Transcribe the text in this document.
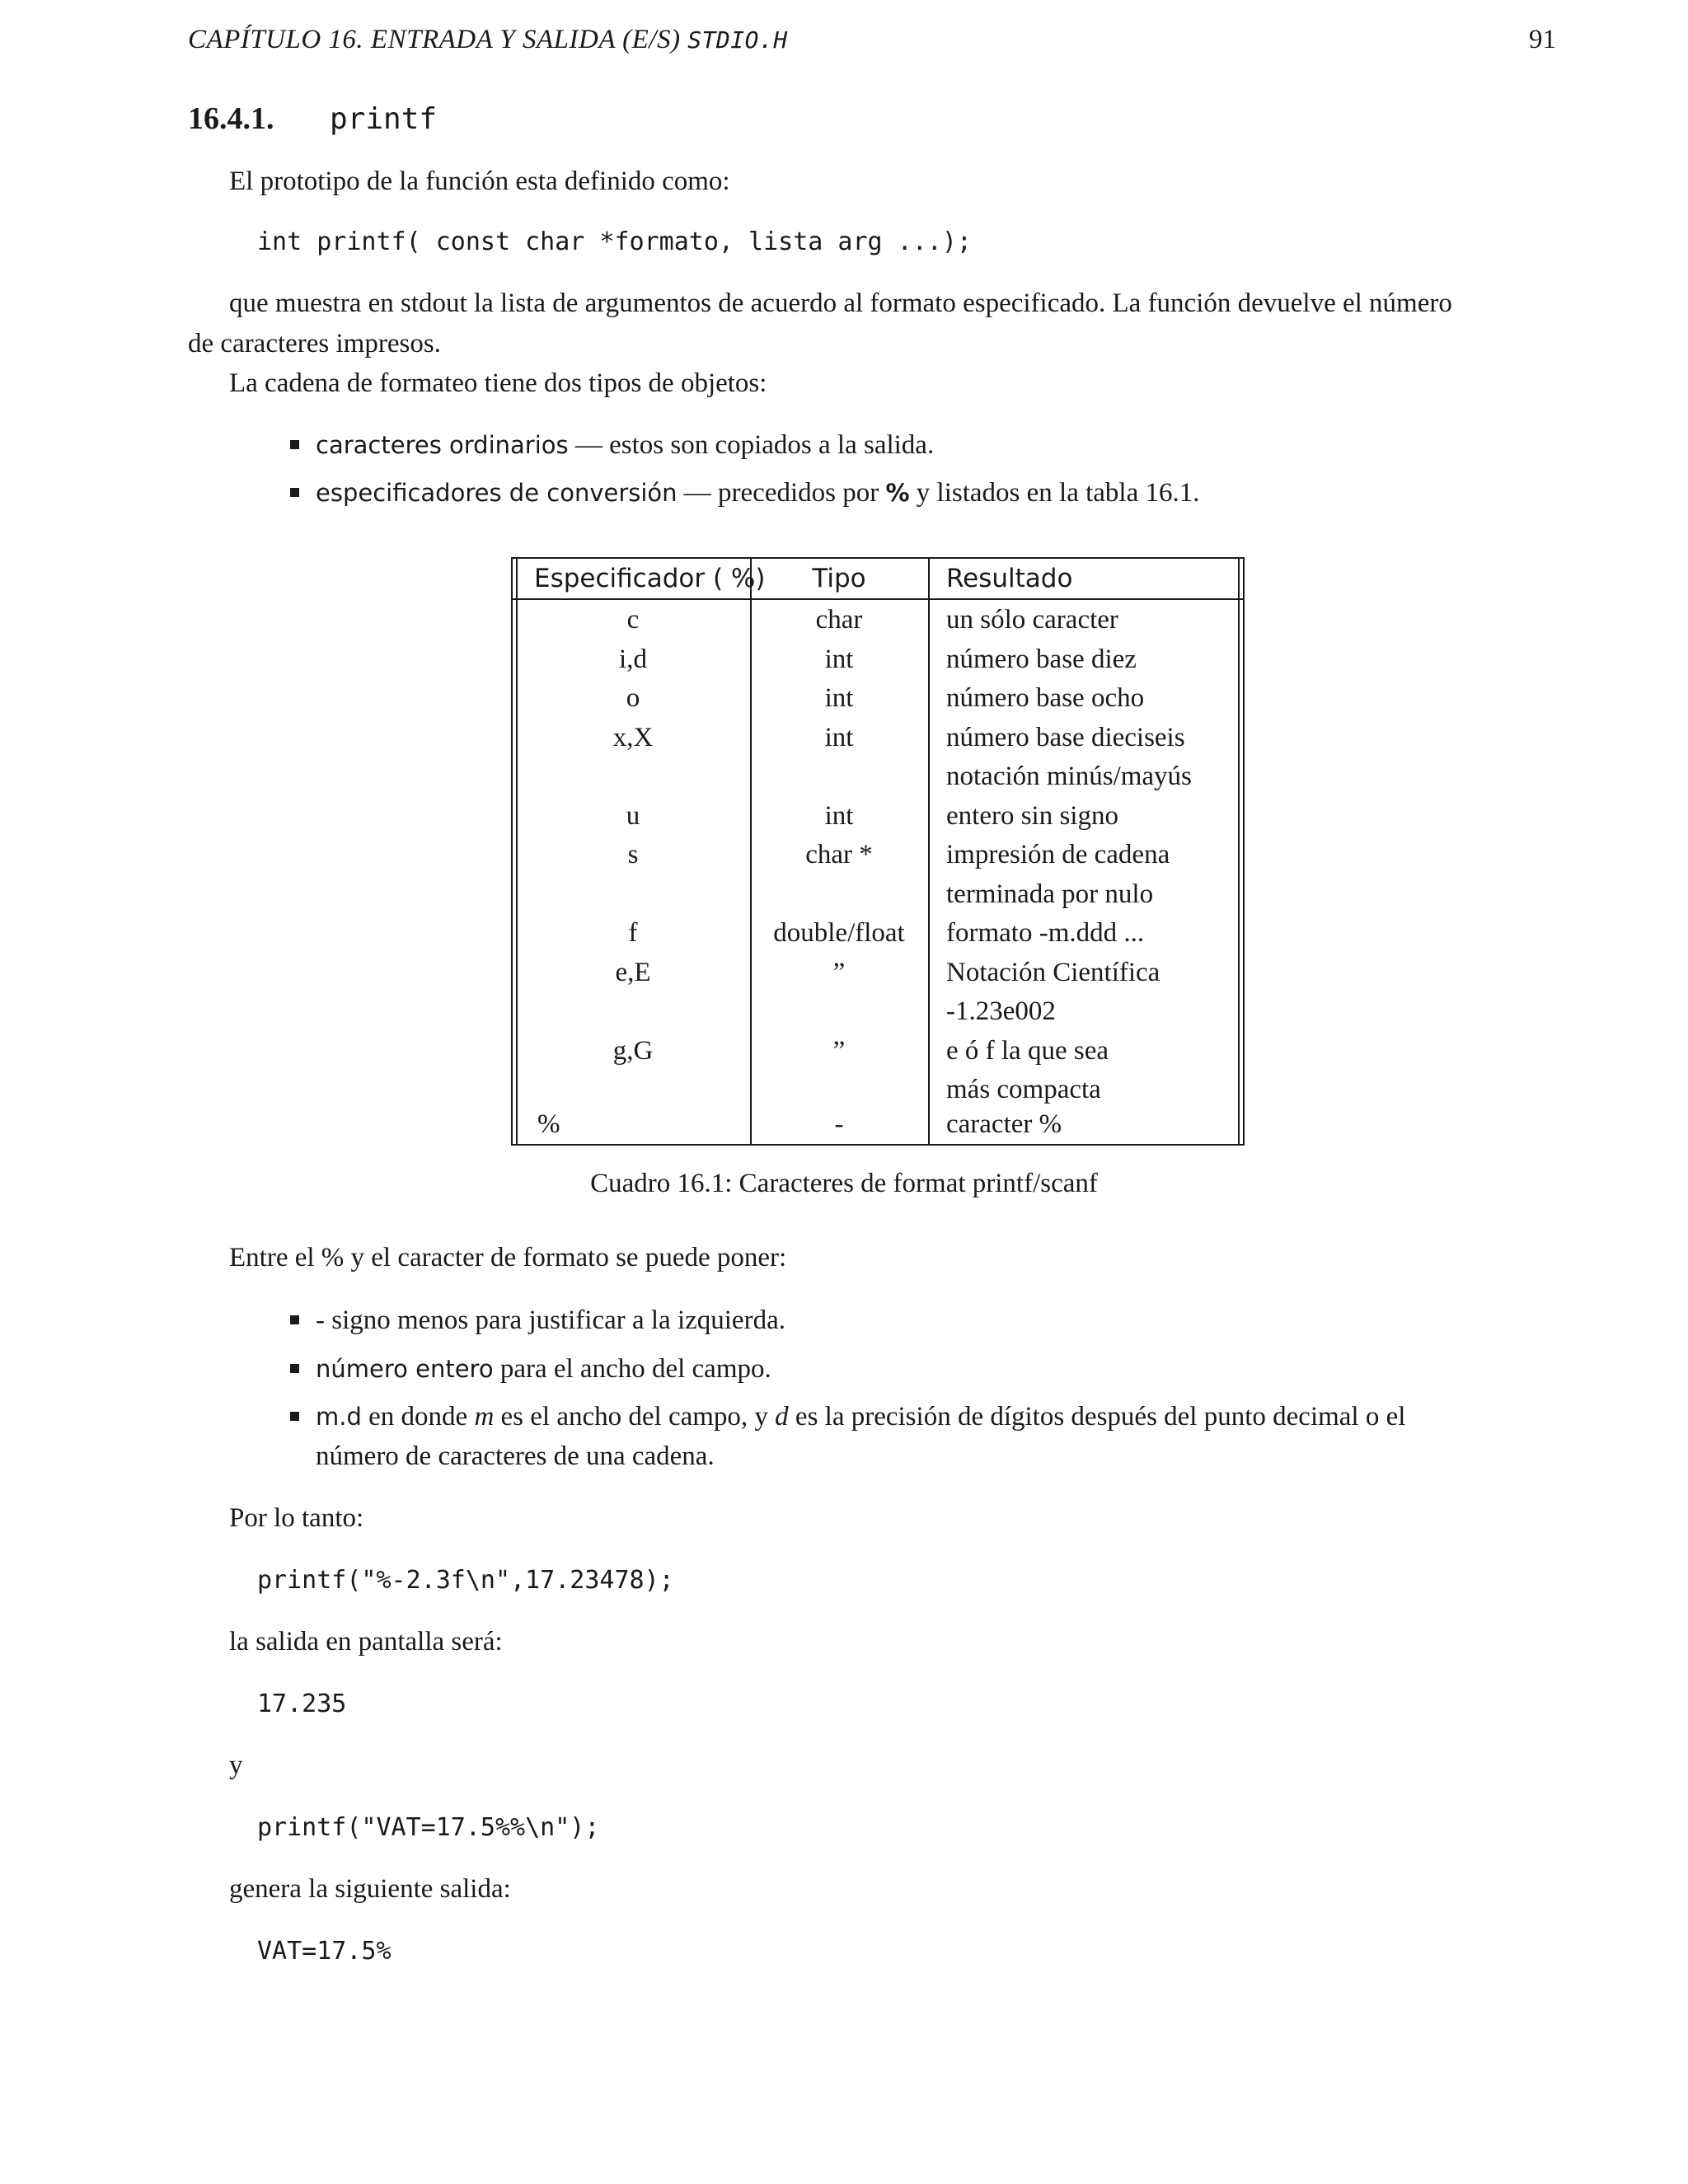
CAPÍTULO 16. ENTRADA Y SALIDA (E/S) STDIO.H	91
16.4.1. printf
El prototipo de la función esta definido como:
int printf( const char *formato, lista arg ...);
que muestra en stdout la lista de argumentos de acuerdo al formato especificado. La función devuelve el número
de caracteres impresos.
La cadena de formateo tiene dos tipos de objetos:
caracteres ordinarios — estos son copiados a la salida.
especificadores de conversión — precedidos por % y listados en la tabla 16.1.
Especificador ( %)	Tipo	Resultado
c	char	un sólo caracter
i,d	int	número base diez
o	int	número base ocho
x,X	int	número base dieciseis
notación minús/mayús
u	int	entero sin signo
s	char *	impresión de cadena
terminada por nulo
f	double/float	formato -m.ddd ...
e,E	”	Notación Científica
-1.23e002
g,G	”	e ó f la que sea
más compacta
%	-	caracter %
Cuadro 16.1: Caracteres de format printf/scanf
Entre el % y el caracter de formato se puede poner:
- signo menos para justificar a la izquierda.
número entero para el ancho del campo.
m.d en donde m es el ancho del campo, y d es la precisión de dígitos después del punto decimal o el
número de caracteres de una cadena.
Por lo tanto:
printf("%-2.3f\n",17.23478);
la salida en pantalla será:
17.235
y
printf("VAT=17.5%%\n");
genera la siguiente salida:
VAT=17.5%
